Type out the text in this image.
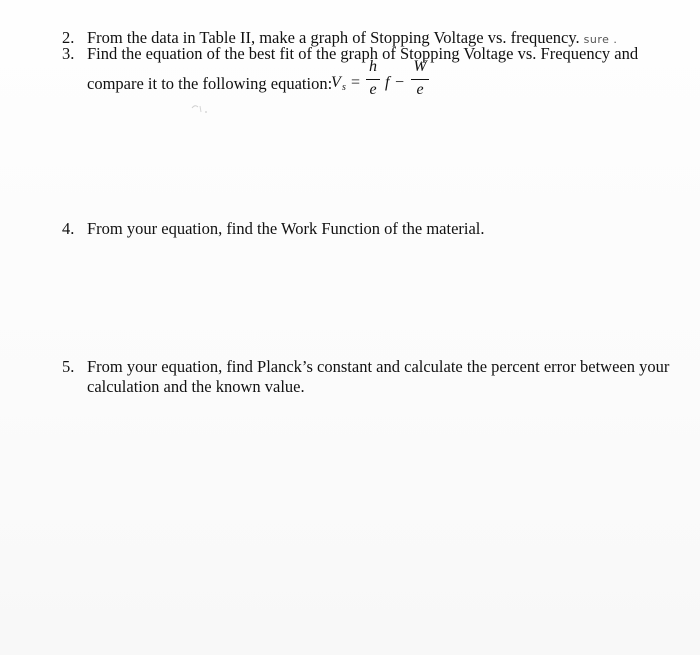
2. From the data in Table II, make a graph of Stopping Voltage vs. frequency. sure .
3. Find the equation of the best fit of the graph of Stopping Voltage vs. Frequency and
compare it to the following equation:
V s =
h
e f −
W
e
4. From your equation, find the Work Function of the material.
5. From your equation, find Planck’s constant and calculate the percent error between your
calculation and the known value.
